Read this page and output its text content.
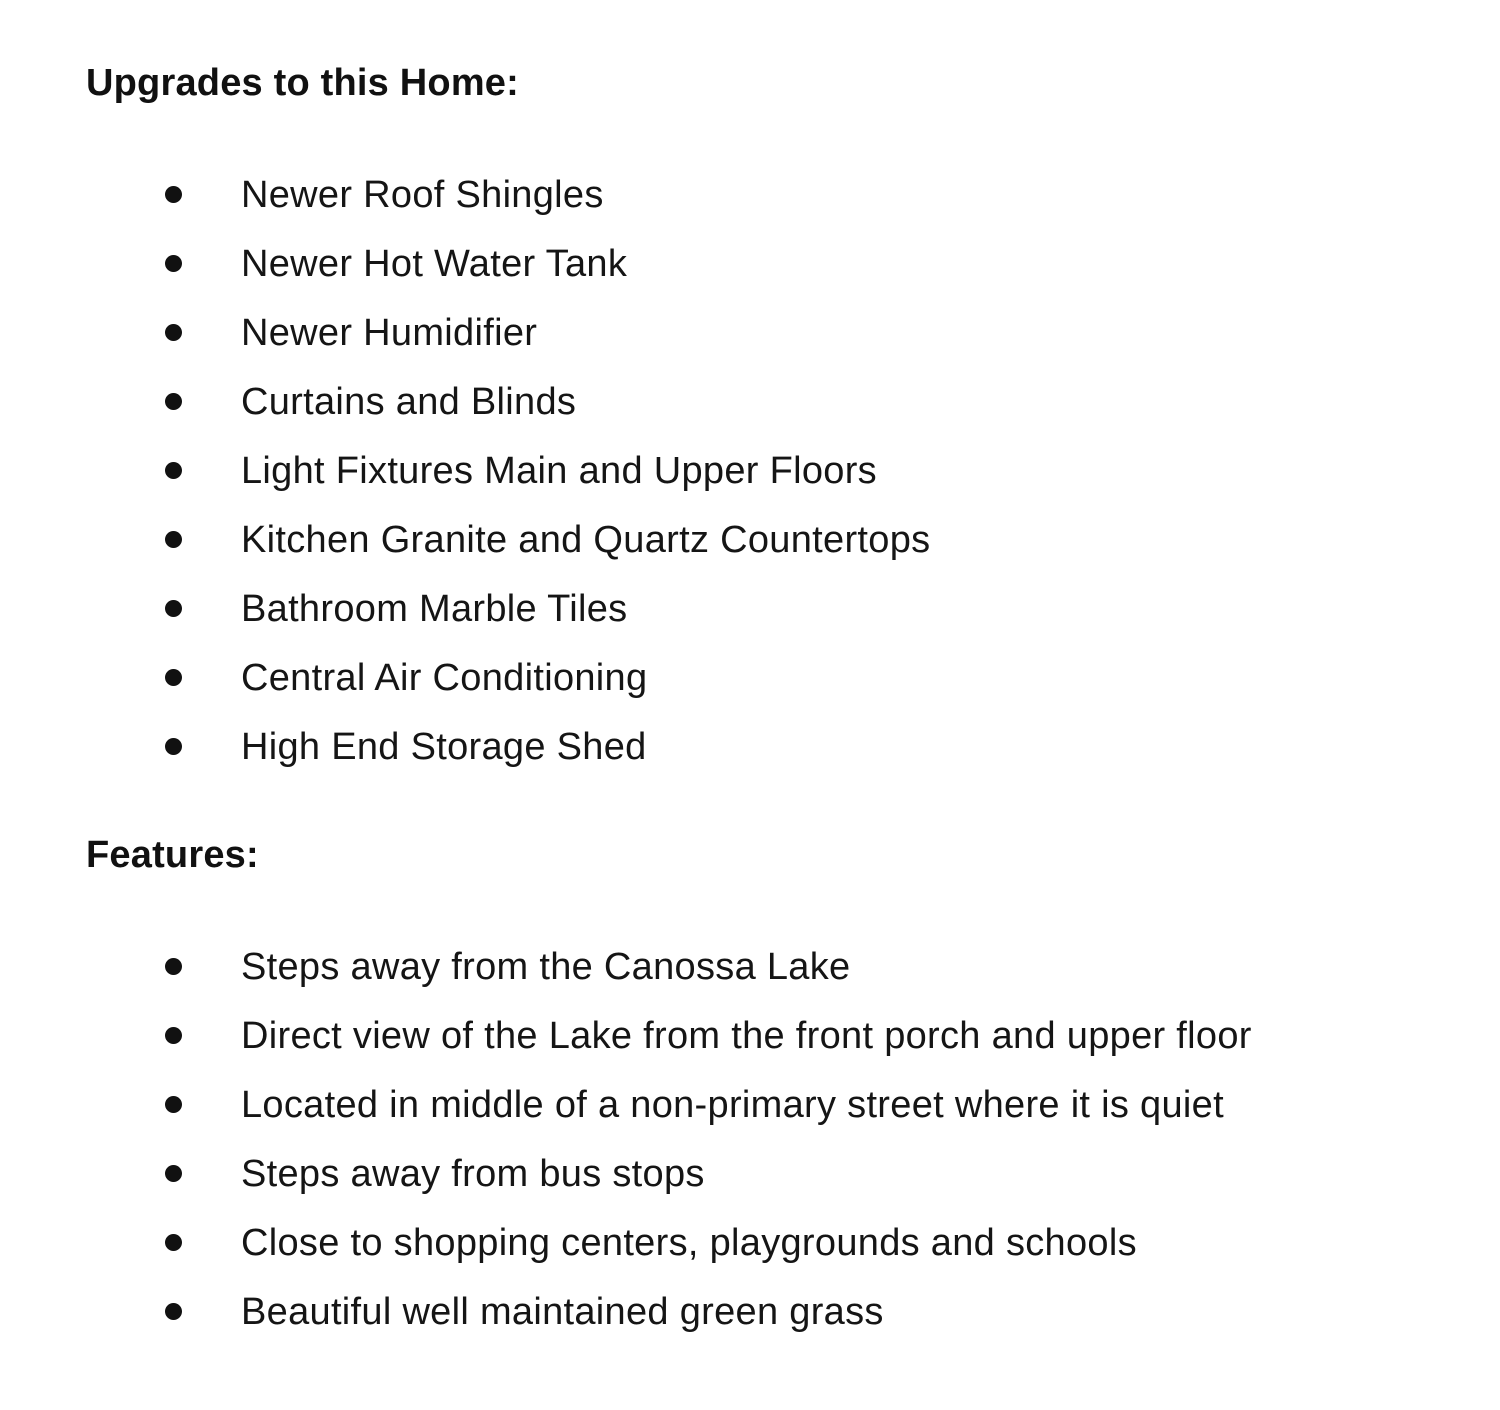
Upgrades to this Home:
Newer Roof Shingles
Newer Hot Water Tank
Newer Humidifier
Curtains and Blinds
Light Fixtures Main and Upper Floors
Kitchen Granite and Quartz Countertops
Bathroom Marble Tiles
Central Air Conditioning
High End Storage Shed
Features:
Steps away from the Canossa Lake
Direct view of the Lake from the front porch and upper floor
Located in middle of a non-primary street where it is quiet
Steps away from bus stops
Close to shopping centers, playgrounds and schools
Beautiful well maintained green grass
